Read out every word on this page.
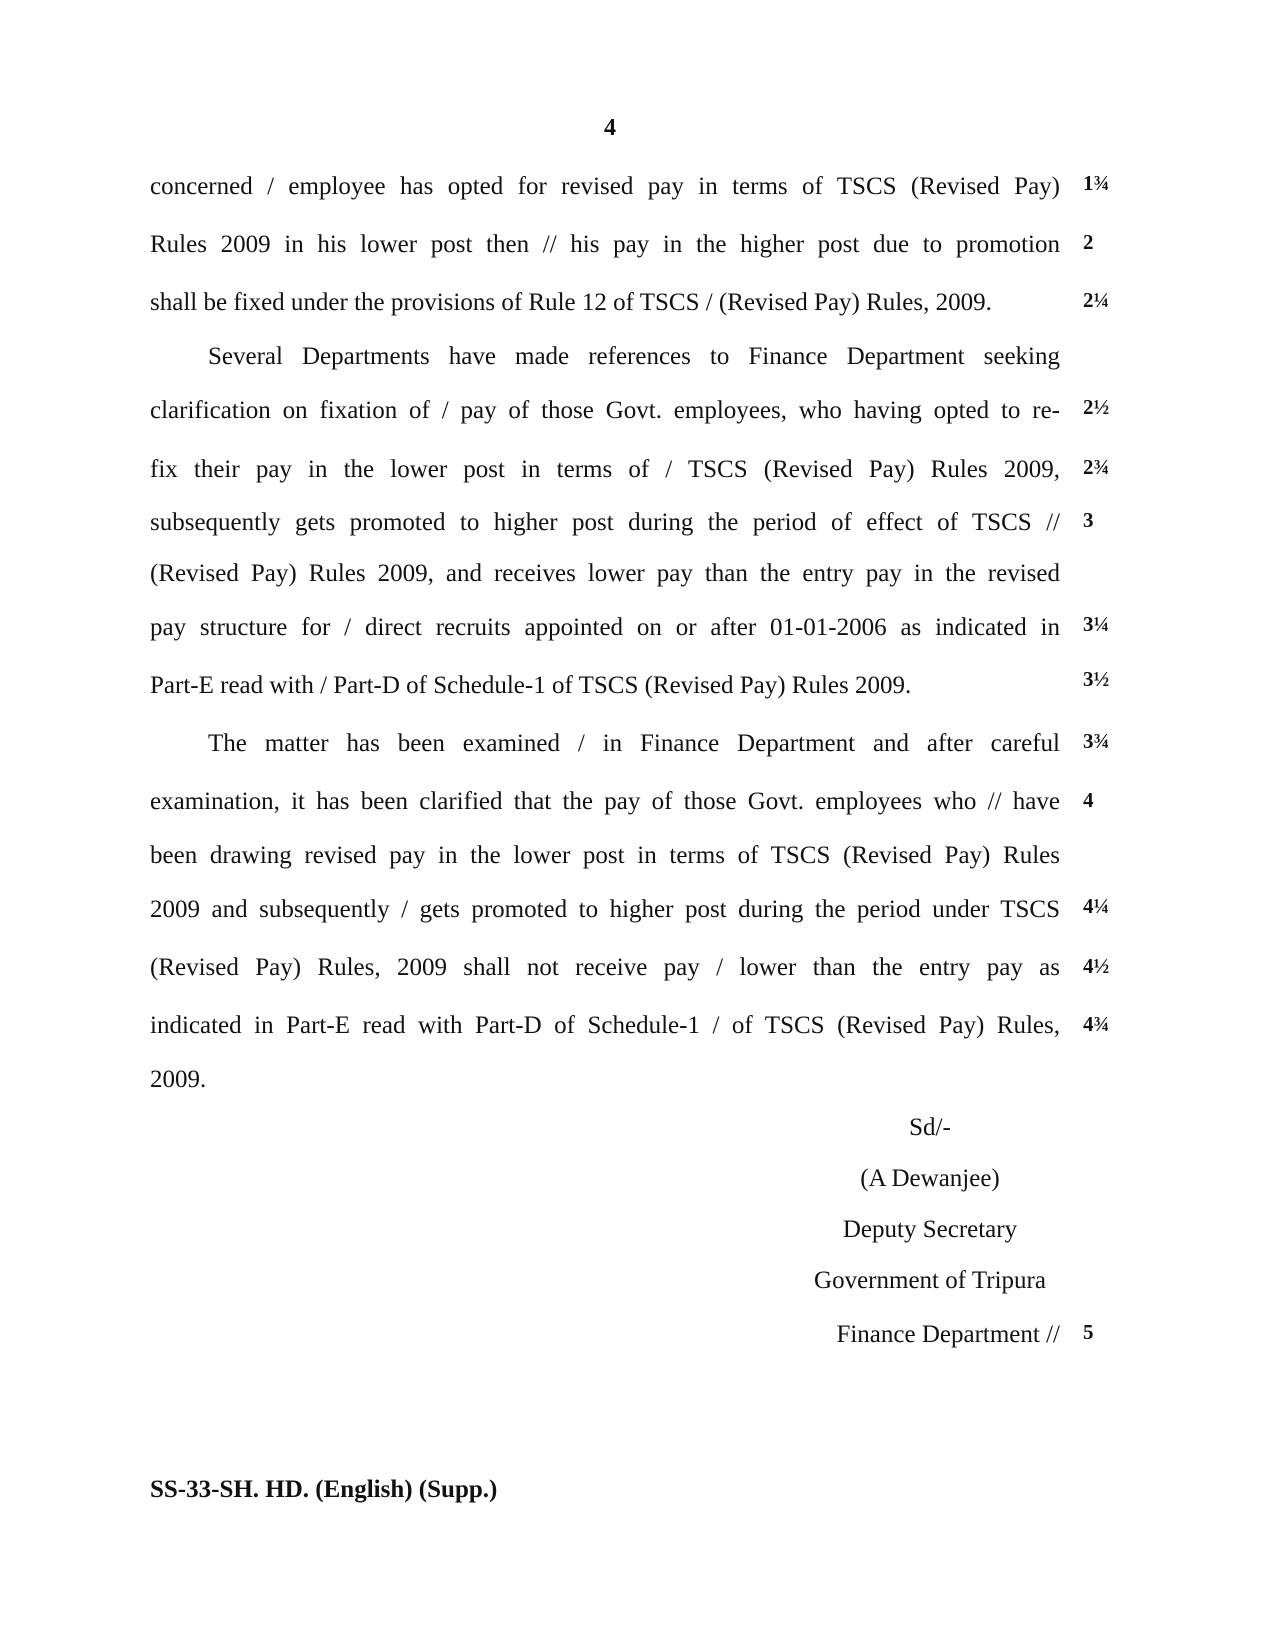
4
concerned / employee has opted for revised pay in terms of TSCS (Revised Pay)
Rules 2009 in his lower post then // his pay in the higher post due to promotion
shall be fixed under the provisions of Rule 12 of TSCS / (Revised Pay) Rules, 2009.
Several Departments have made references to Finance Department seeking
clarification on fixation of / pay of those Govt. employees, who having opted to re-
fix their pay in the lower post in terms of / TSCS (Revised Pay) Rules 2009,
subsequently gets promoted to higher post during the period of effect of TSCS //
(Revised Pay) Rules 2009, and receives lower pay than the entry pay in the revised
pay structure for / direct recruits appointed on or after 01-01-2006 as indicated in
Part-E read with / Part-D of Schedule-1 of TSCS (Revised Pay) Rules 2009.
The matter has been examined / in Finance Department and after careful
examination, it has been clarified that the pay of those Govt. employees who // have
been drawing revised pay in the lower post in terms of TSCS (Revised Pay) Rules
2009 and subsequently / gets promoted to higher post during the period under TSCS
(Revised Pay) Rules, 2009 shall not receive pay / lower than the entry pay as
indicated in Part-E read with Part-D of Schedule-1 / of TSCS (Revised Pay) Rules,
2009.
1¾
2
2¼
2½
2¾
3
3¼
3½
3¾
4
4¼
4½
4¾
5
Sd/-
(A Dewanjee)
Deputy Secretary
Government of Tripura
Finance Department //
SS-33-SH. HD. (English) (Supp.)
